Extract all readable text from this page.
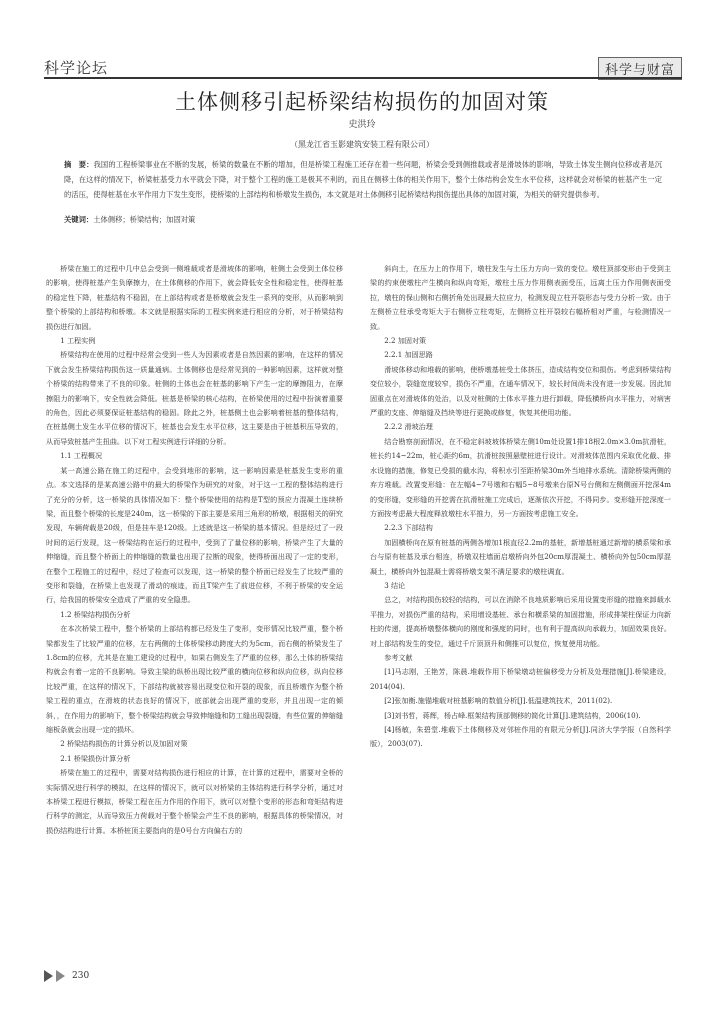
科学论坛	科学与财富
土体侧移引起桥梁结构损伤的加固对策
史洪玲
（黑龙江省玉影建筑安装工程有限公司）
摘　要：我国的工程桥梁事业在不断的发展，桥梁的数量在不断的增加，但是桥梁工程施工还存在着一些问题，桥梁会受到侧推载或者是滑坡体的影响，导致土体发生侧向位移或者是沉降，在这样的情况下，桥梁桩基受力水平就会下降，对于整个工程的施工是极其不利的，而且在侧移土体的相关作用下，整个土体结构会发生水平位移，这样就会对桥梁的桩基产生一定的活压，使得桩基在水平作用力下发生变形，使桥梁的上部结构和桥墩发生损伤，本文就是对土体侧移引起桥梁结构损伤提出具体的加固对策，为相关的研究提供参考。
关键词：土体侧移；桥梁结构；加固对策

桥梁在施工的过程中几中总会受到一侧堆载或者是滑坡体的影响，桩侧土会受到土体位移的影响，使得桩基产生负摩擦力，在土体侧移的作用下，就会降低安全性和稳定性，使得桩基的稳定性下降，桩基结构不稳固，在上部结构或者是桥墩就会发生一系列的变形，从而影响到整个桥梁的上部结构和桥墩。本文就是根据实际的工程实例来进行相应的分析，对于桥梁结构损伤进行加固。

1 工程实例

桥梁结构在使用的过程中经常会受到一些人为因素或者是自然因素的影响，在这样的情况下就会发生桥梁结构损伤这一质量通病。土体侧移也是经常见到的一种影响因素，这样就对整个桥梁的结构带来了不良的印象。桩侧的土体也会在桩基的影响下产生一定的摩擦阻力，在摩擦阻力的影响下，安全性就会降低。桩基是桥梁的核心结构，在桥梁使用的过程中扮演着重要的角色，因此必须要保证桩基结构的稳固。除此之外，桩基侧土也会影响着桩基的整体结构，在桩基侧土发生水平位移的情况下，桩基也会发生水平位移，这主要是由于桩基积压导致的，从而导致桩基产生扭曲。以下对工程实例进行详细的分析。

1.1 工程概况

某一高速公路在施工的过程中，会受到地形的影响，这一影响因素是桩基发生变形的重点。本文选择的是某高速公路中的最大的桥梁作为研究的对象，对于这一工程的整体结构进行了充分的分析，这一桥梁的具体情况如下：整个桥梁使用的结构是T型的预应力混凝土连续桥梁，而且整个桥梁的长度是240m，这一桥梁的下部主要是采用三角形的桥墩，根据相关的研究发现，车辆荷载是20级，但是挂车是120级。上述就是这一桥梁的基本情况。但是经过了一段时间的运行发现，这一桥梁结构在运行的过程中，受到了了量位移的影响，桥梁产生了大量的伸缩缝，而且整个桥面上的伸缩缝的数量也出现了拉断的现象，使得桥面出现了一定的变形，在整个工程施工的过程中，经过了检查可以发现，这一桥梁的整个桥面已经发生了比较严重的变形和裂缝，在桥梁上也发现了滑动的痕迹，而且T梁产生了前进位移，不利于桥梁的安全运行，给我国的桥梁安全造成了严重的安全隐患。

1.2 桥梁结构损伤分析

在本次桥梁工程中，整个桥梁的上部结构都已经发生了变形，变形情况比较严重，整个桥梁都发生了比较严重的位移，左右两侧的土体桥梁移动跨度大约为5cm，而右侧的桥梁发生了1.8cm的位移，尤其是在施工建设的过程中，如果右侧发生了严重的位移，那么土体的桥梁结构就会有着一定的不良影响。导致主梁的纵桥出现比较严重的横向位移和纵向位移，纵向位移比较严重，在这样的情况下，下部结构就被容易出现变位和开裂的现象，而且桥墩作为整个桥梁工程的重点，在滑坡的状态良好的情况下，底部就会出现严重的变形，并且出现一定的倾斜，，在作用力的影响下，整个桥梁结构就会导致伸缩缝和防工缝出现裂缝，有些位置的伸缩缝缩板条就会出现一定的损坏。

2 桥梁结构损伤的计算分析以及加固对策

2.1 桥梁损伤计算分析

桥梁在施工的过程中，需要对结构损伤进行相应的计算，在计算的过程中，需要对全桥的实际情况进行科学的模拟，在这样的情况下，就可以对桥梁的主体结构进行科学分析，通过对本桥梁工程进行模拟，桥梁工程在压力作用的作用下，就可以对整个变形的形态和弯矩结构进行科学的测定，从而导致压力荷载对于整个桥梁会产生不良的影响，根据具体的桥梁情况，对损伤结构进行计算。本桥桩顶主要指向的是0号台方向偏右方的

斜向土，在压力上的作用下，墩柱发生与土压力方向一致的变位。墩柱顶部变形由于受到主梁的约束使墩柱产生横向和纵向弯矩，墩柱土压力作用侧表面受压，远离土压力作用侧表面受拉，墩柱的保山侧和右侧折角处出现最大拉应力，检测发现立柱开裂形态与受力分析一致。由于左侧桥立柱承受弯矩大于右侧桥立柱弯矩，左侧桥立柱开裂较右幅桥相对严重，与检测情况一致。

2.2 加固对策

2.2.1 加固思路

滑坡体移动和堆载的影响，使桥墩基桩受土体挤压，造成结构变位和损伤。考虑到桥梁结构变位较小，裂缝宽度较窄，损伤不严重，在通车情况下，较长时间尚未没有进一步发展。因此加固重点在对滑坡体的处治，以及对桩侧的土体水平推力进行卸载，降低横桥向水平推力，对病害严重的支座、伸缩缝及挡块等进行更换或修复，恢复其使用功能。

2.2.2 滑坡治理

结合勘察剖面情况，在不稳定斜坡坡体桥梁左侧10m处设置1排18根2.0m×3.0m抗滑桩，桩长约14~22m，桩心距约6m，抗滑桩按照悬壁桩进行设计。对滑坡体范围内采取优化截、排水设施的措施，修复已受损的截水沟，将积水引至距桥梁30m外当地排水系统。清除桥梁两侧的弃方堆载。改置变形缝：在左幅4~7号墩和右幅5~8号墩来台原N号台侧和左侧侧面开挖深4m的变形缝，变形缝的开挖需在抗滑桩施工完成后，逐渐依次开挖，不得同步。变形缝开挖深度一方面按考虑最大程度释放墩柱水平推力，另一方面按考虑施工安全。

2.2.3 下部结构

加固横桥向在原有桩基的两侧各增加1根直径2.2m的基桩，新增基桩通过新增的横系梁和承台与原有桩基及承台相连，桥墩双柱墙面启墩桥向外包20cm厚混凝土、横桥向外包50cm厚混凝土，横桥向外包混凝土需将桥墩支架不满足要求的墩柱调直。

3 结论

总之，对结构损伤较轻的结构，可以在消除不良地质影响后采用设置变形缝的措施来卸载水平推力，对损伤严重的结构，采用增设基桩、承台和横系梁的加固措施，形成排架柱保证力向新柱的传递，提高桥墩整体横向的刚度和强度的同时，也有利于提高纵向承载力，加固效果良好。对上部结构发生的变位，通过千斤顶顶升和侧推可以复位，恢复使用功能。

参考文献

[1]马志刚，王艳芳，陈晨.堆载作用下桥梁墩动桩偏移受力分析及处理措施[J].桥梁建设，2014(04).

[2]张加衡.施锚堆载对桩基影响的数值分析[J].低温建筑技术，2011(02).

[3]刘书哲，蒋辉，杨占峰.框架结构顶部侧移的简化计算[J].建筑结构，2006(10).

[4]杨敏，朱碧堂.堆载下土体侧移及对邻桩作用的有限元分析[J].同济大学学报（自然科学版），2003(07).

230
